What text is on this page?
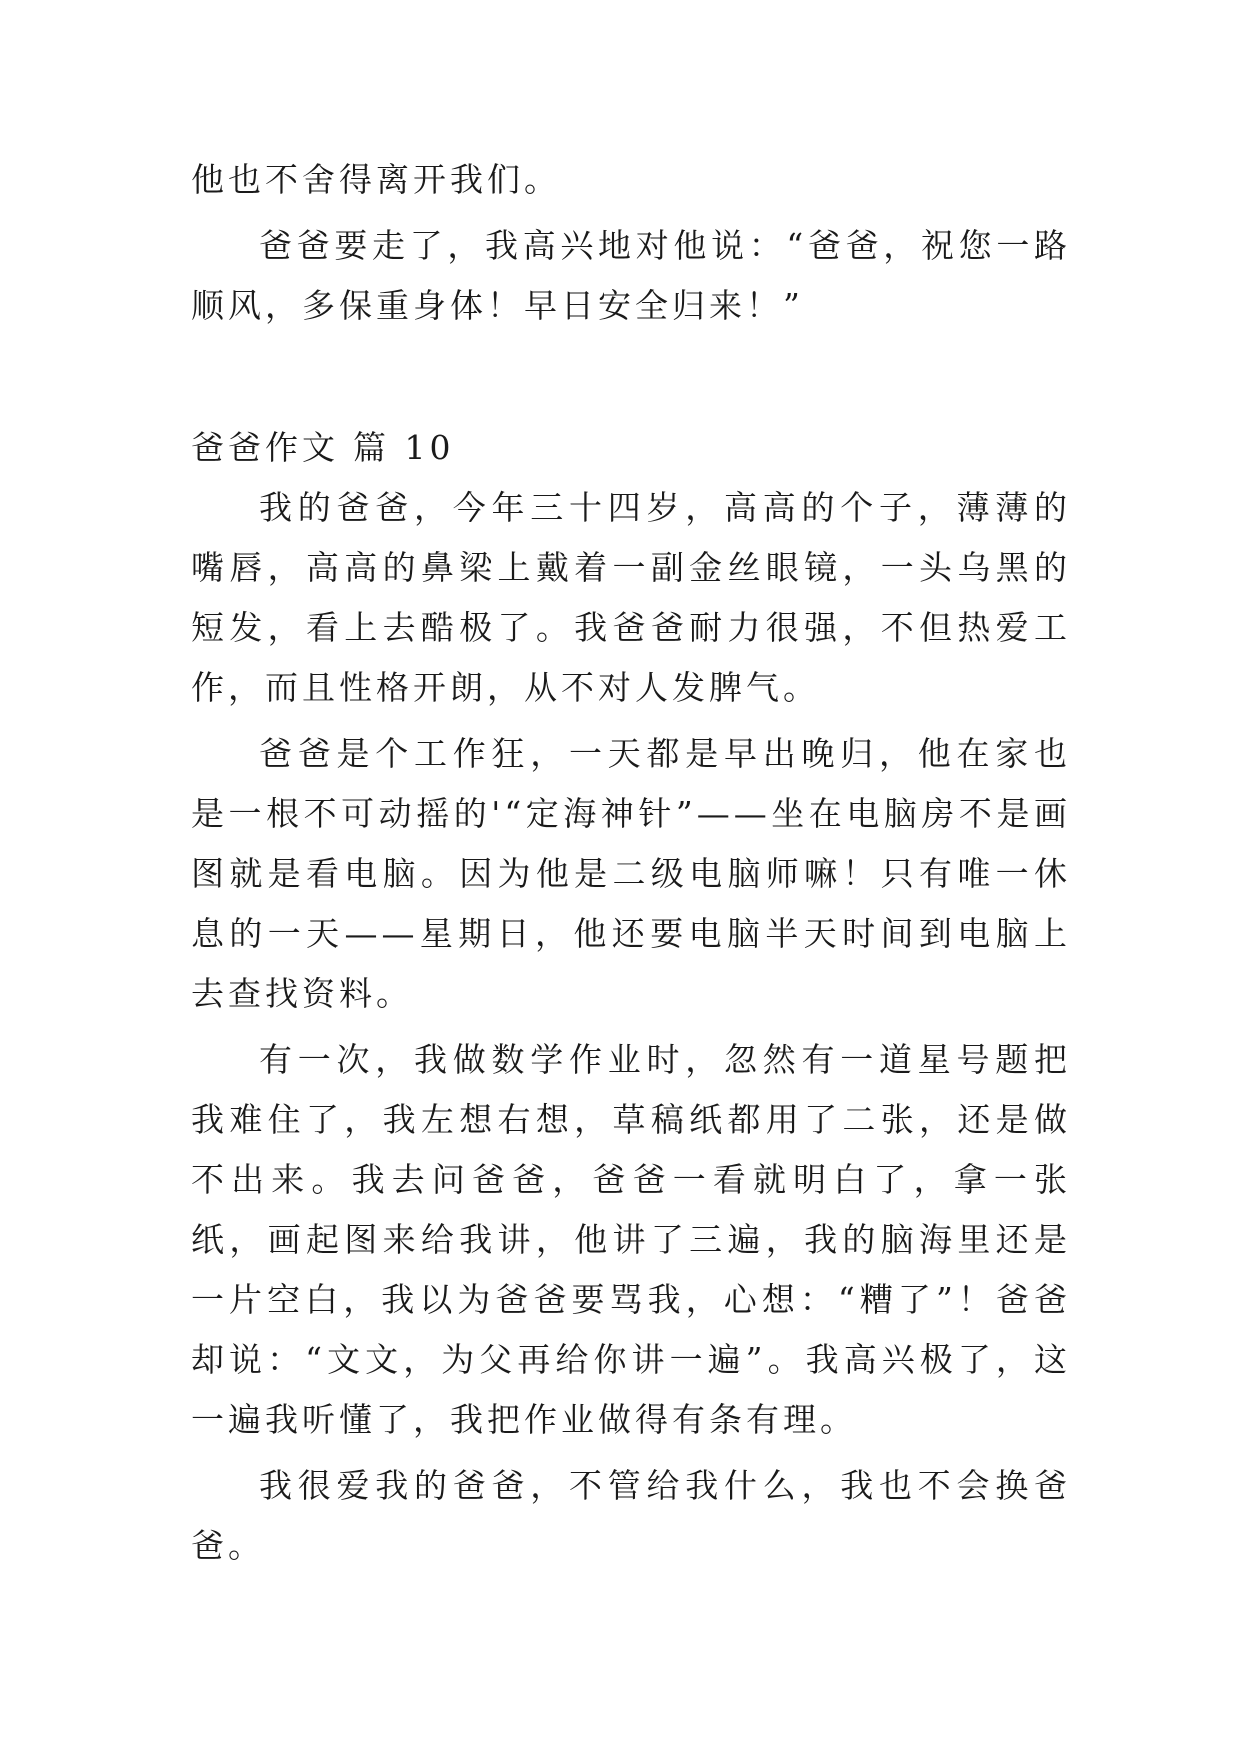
他也不舍得离开我们。

爸爸要走了，我高兴地对他说：“爸爸，祝您一路顺风，多保重身体！早日安全归来！”

爸爸作文 篇 10

我的爸爸，今年三十四岁，高高的个子，薄薄的嘴唇，高高的鼻梁上戴着一副金丝眼镜，一头乌黑的短发，看上去酷极了。我爸爸耐力很强，不但热爱工作，而且性格开朗，从不对人发脾气。

爸爸是个工作狂，一天都是早出晚归，他在家也是一根不可动摇的'“定海神针”——坐在电脑房不是画图就是看电脑。因为他是二级电脑师嘛！只有唯一休息的一天——星期日，他还要电脑半天时间到电脑上去查找资料。

有一次，我做数学作业时，忽然有一道星号题把我难住了，我左想右想，草稿纸都用了二张，还是做不出来。我去问爸爸，爸爸一看就明白了，拿一张纸，画起图来给我讲，他讲了三遍，我的脑海里还是一片空白，我以为爸爸要骂我，心想：“糟了”！爸爸却说：“文文，为父再给你讲一遍”。我高兴极了，这一遍我听懂了，我把作业做得有条有理。

我很爱我的爸爸，不管给我什么，我也不会换爸爸。
